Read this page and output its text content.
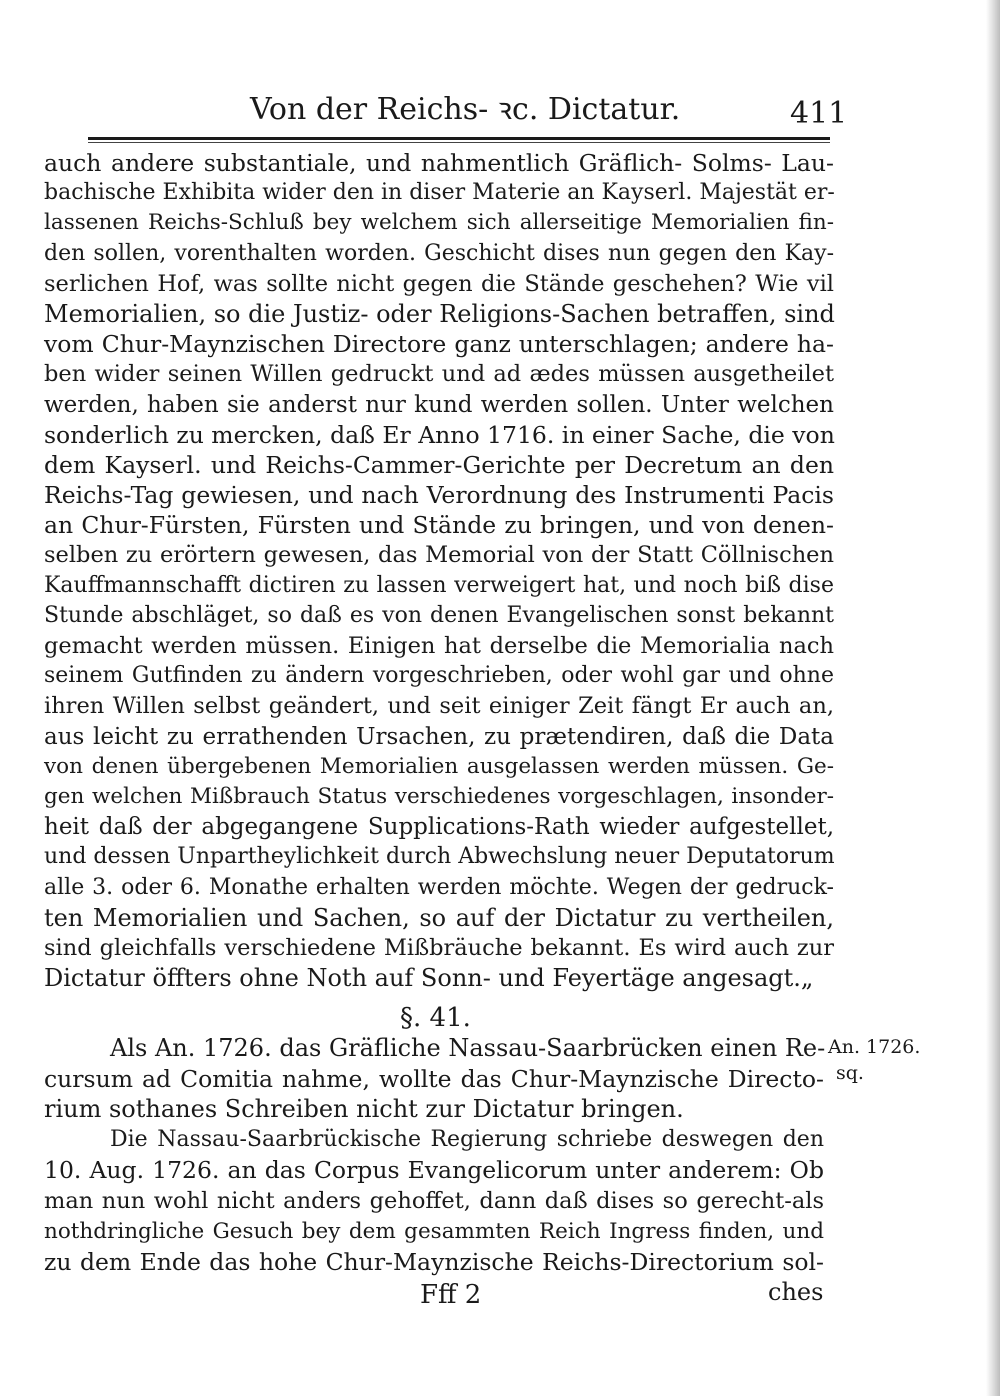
Von der Reichs- ꝛc. Dictatur.	411
auch andere substantiale, und nahmentlich Gräflich- Solms- Lau-
bachische Exhibita wider den in diser Materie an Kayserl. Majestät er-
lassenen Reichs-Schluß bey welchem sich allerseitige Memorialien fin-
den sollen, vorenthalten worden. Geschicht dises nun gegen den Kay-
serlichen Hof, was sollte nicht gegen die Stände geschehen? Wie vil
Memorialien, so die Justiz- oder Religions-Sachen betraffen, sind
vom Chur-Maynzischen Directore ganz unterschlagen; andere ha-
ben wider seinen Willen gedruckt und ad ædes müssen ausgetheilet
werden, haben sie anderst nur kund werden sollen. Unter welchen
sonderlich zu mercken, daß Er Anno 1716. in einer Sache, die von
dem Kayserl. und Reichs-Cammer-Gerichte per Decretum an den
Reichs-Tag gewiesen, und nach Verordnung des Instrumenti Pacis
an Chur-Fürsten, Fürsten und Stände zu bringen, und von denen-
selben zu erörtern gewesen, das Memorial von der Statt Cöllnischen
Kauffmannschafft dictiren zu lassen verweigert hat, und noch biß dise
Stunde abschläget, so daß es von denen Evangelischen sonst bekannt
gemacht werden müssen. Einigen hat derselbe die Memorialia nach
seinem Gutfinden zu ändern vorgeschrieben, oder wohl gar und ohne
ihren Willen selbst geändert, und seit einiger Zeit fängt Er auch an,
aus leicht zu errathenden Ursachen, zu prætendiren, daß die Data
von denen übergebenen Memorialien ausgelassen werden müssen. Ge-
gen welchen Mißbrauch Status verschiedenes vorgeschlagen, insonder-
heit daß der abgegangene Supplications-Rath wieder aufgestellet,
und dessen Unpartheylichkeit durch Abwechslung neuer Deputatorum
alle 3. oder 6. Monathe erhalten werden möchte. Wegen der gedruck-
ten Memorialien und Sachen, so auf der Dictatur zu vertheilen,
sind gleichfalls verschiedene Mißbräuche bekannt. Es wird auch zur
Dictatur öffters ohne Noth auf Sonn- und Feyertäge angesagt.„
§. 41.
Als An. 1726. das Gräfliche Nassau-Saarbrücken einen Re-
cursum ad Comitia nahme, wollte das Chur-Maynzische Directo-
rium sothanes Schreiben nicht zur Dictatur bringen.
Die Nassau-Saarbrückische Regierung schriebe deswegen den
10. Aug. 1726. an das Corpus Evangelicorum unter anderem: Ob
man nun wohl nicht anders gehoffet, dann daß dises so gerecht-als
nothdringliche Gesuch bey dem gesammten Reich Ingress finden, und
zu dem Ende das hohe Chur-Maynzische Reichs-Directorium sol-
An. 1726.
sq.
Fff 2	ches
